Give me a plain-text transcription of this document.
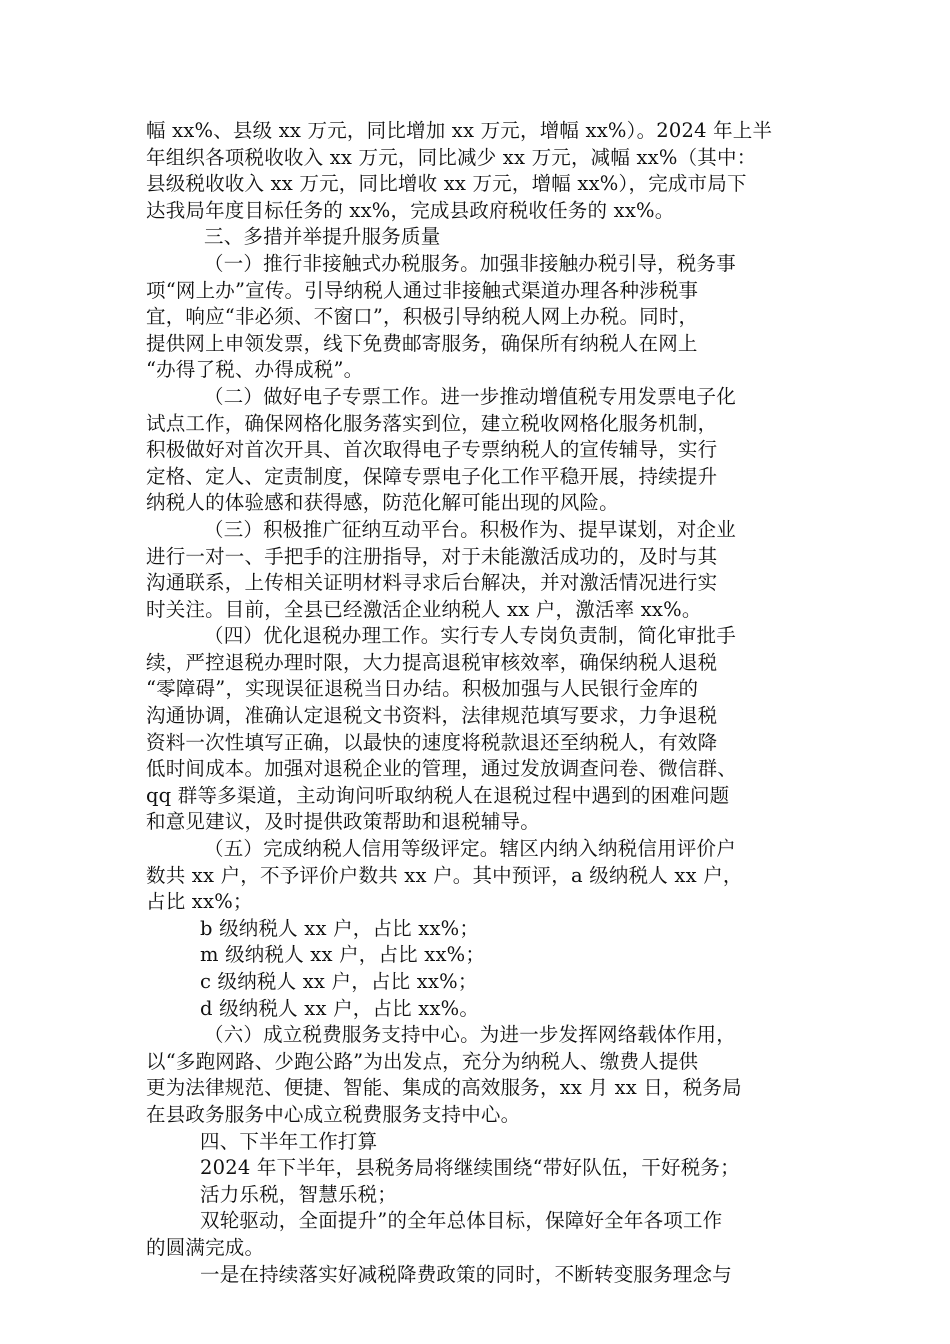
幅 xx%、县级 xx 万元，同比增加 xx 万元，增幅 xx%）。2024 年上半
年组织各项税收收入 xx 万元，同比减少 xx 万元，减幅 xx%（其中：
县级税收收入 xx 万元，同比增收 xx 万元，增幅 xx%），完成市局下
达我局年度目标任务的 xx%，完成县政府税收任务的 xx%。
三、多措并举提升服务质量
（一）推行非接触式办税服务。加强非接触办税引导，税务事
项“网上办”宣传。引导纳税人通过非接触式渠道办理各种涉税事
宜，响应“非必须、不窗口”，积极引导纳税人网上办税。同时，
提供网上申领发票，线下免费邮寄服务，确保所有纳税人在网上
“办得了税、办得成税”。
（二）做好电子专票工作。进一步推动增值税专用发票电子化
试点工作，确保网格化服务落实到位，建立税收网格化服务机制，
积极做好对首次开具、首次取得电子专票纳税人的宣传辅导，实行
定格、定人、定责制度，保障专票电子化工作平稳开展，持续提升
纳税人的体验感和获得感，防范化解可能出现的风险。
（三）积极推广征纳互动平台。积极作为、提早谋划，对企业
进行一对一、手把手的注册指导，对于未能激活成功的，及时与其
沟通联系，上传相关证明材料寻求后台解决，并对激活情况进行实
时关注。目前，全县已经激活企业纳税人 xx 户，激活率 xx%。
（四）优化退税办理工作。实行专人专岗负责制，简化审批手
续，严控退税办理时限，大力提高退税审核效率，确保纳税人退税
“零障碍”，实现误征退税当日办结。积极加强与人民银行金库的
沟通协调，准确认定退税文书资料，法律规范填写要求，力争退税
资料一次性填写正确，以最快的速度将税款退还至纳税人，有效降
低时间成本。加强对退税企业的管理，通过发放调查问卷、微信群、
qq 群等多渠道，主动询问听取纳税人在退税过程中遇到的困难问题
和意见建议，及时提供政策帮助和退税辅导。
（五）完成纳税人信用等级评定。辖区内纳入纳税信用评价户
数共 xx 户，不予评价户数共 xx 户。其中预评，a 级纳税人 xx 户，
占比 xx%；
b 级纳税人 xx 户，占比 xx%；
m 级纳税人 xx 户，占比 xx%；
c 级纳税人 xx 户，占比 xx%；
d 级纳税人 xx 户，占比 xx%。
（六）成立税费服务支持中心。为进一步发挥网络载体作用，
以“多跑网路、少跑公路”为出发点，充分为纳税人、缴费人提供
更为法律规范、便捷、智能、集成的高效服务，xx 月 xx 日，税务局
在县政务服务中心成立税费服务支持中心。
四、下半年工作打算
2024 年下半年，县税务局将继续围绕“带好队伍，干好税务；
活力乐税，智慧乐税；
双轮驱动，全面提升”的全年总体目标，保障好全年各项工作
的圆满完成。
一是在持续落实好减税降费政策的同时，不断转变服务理念与
